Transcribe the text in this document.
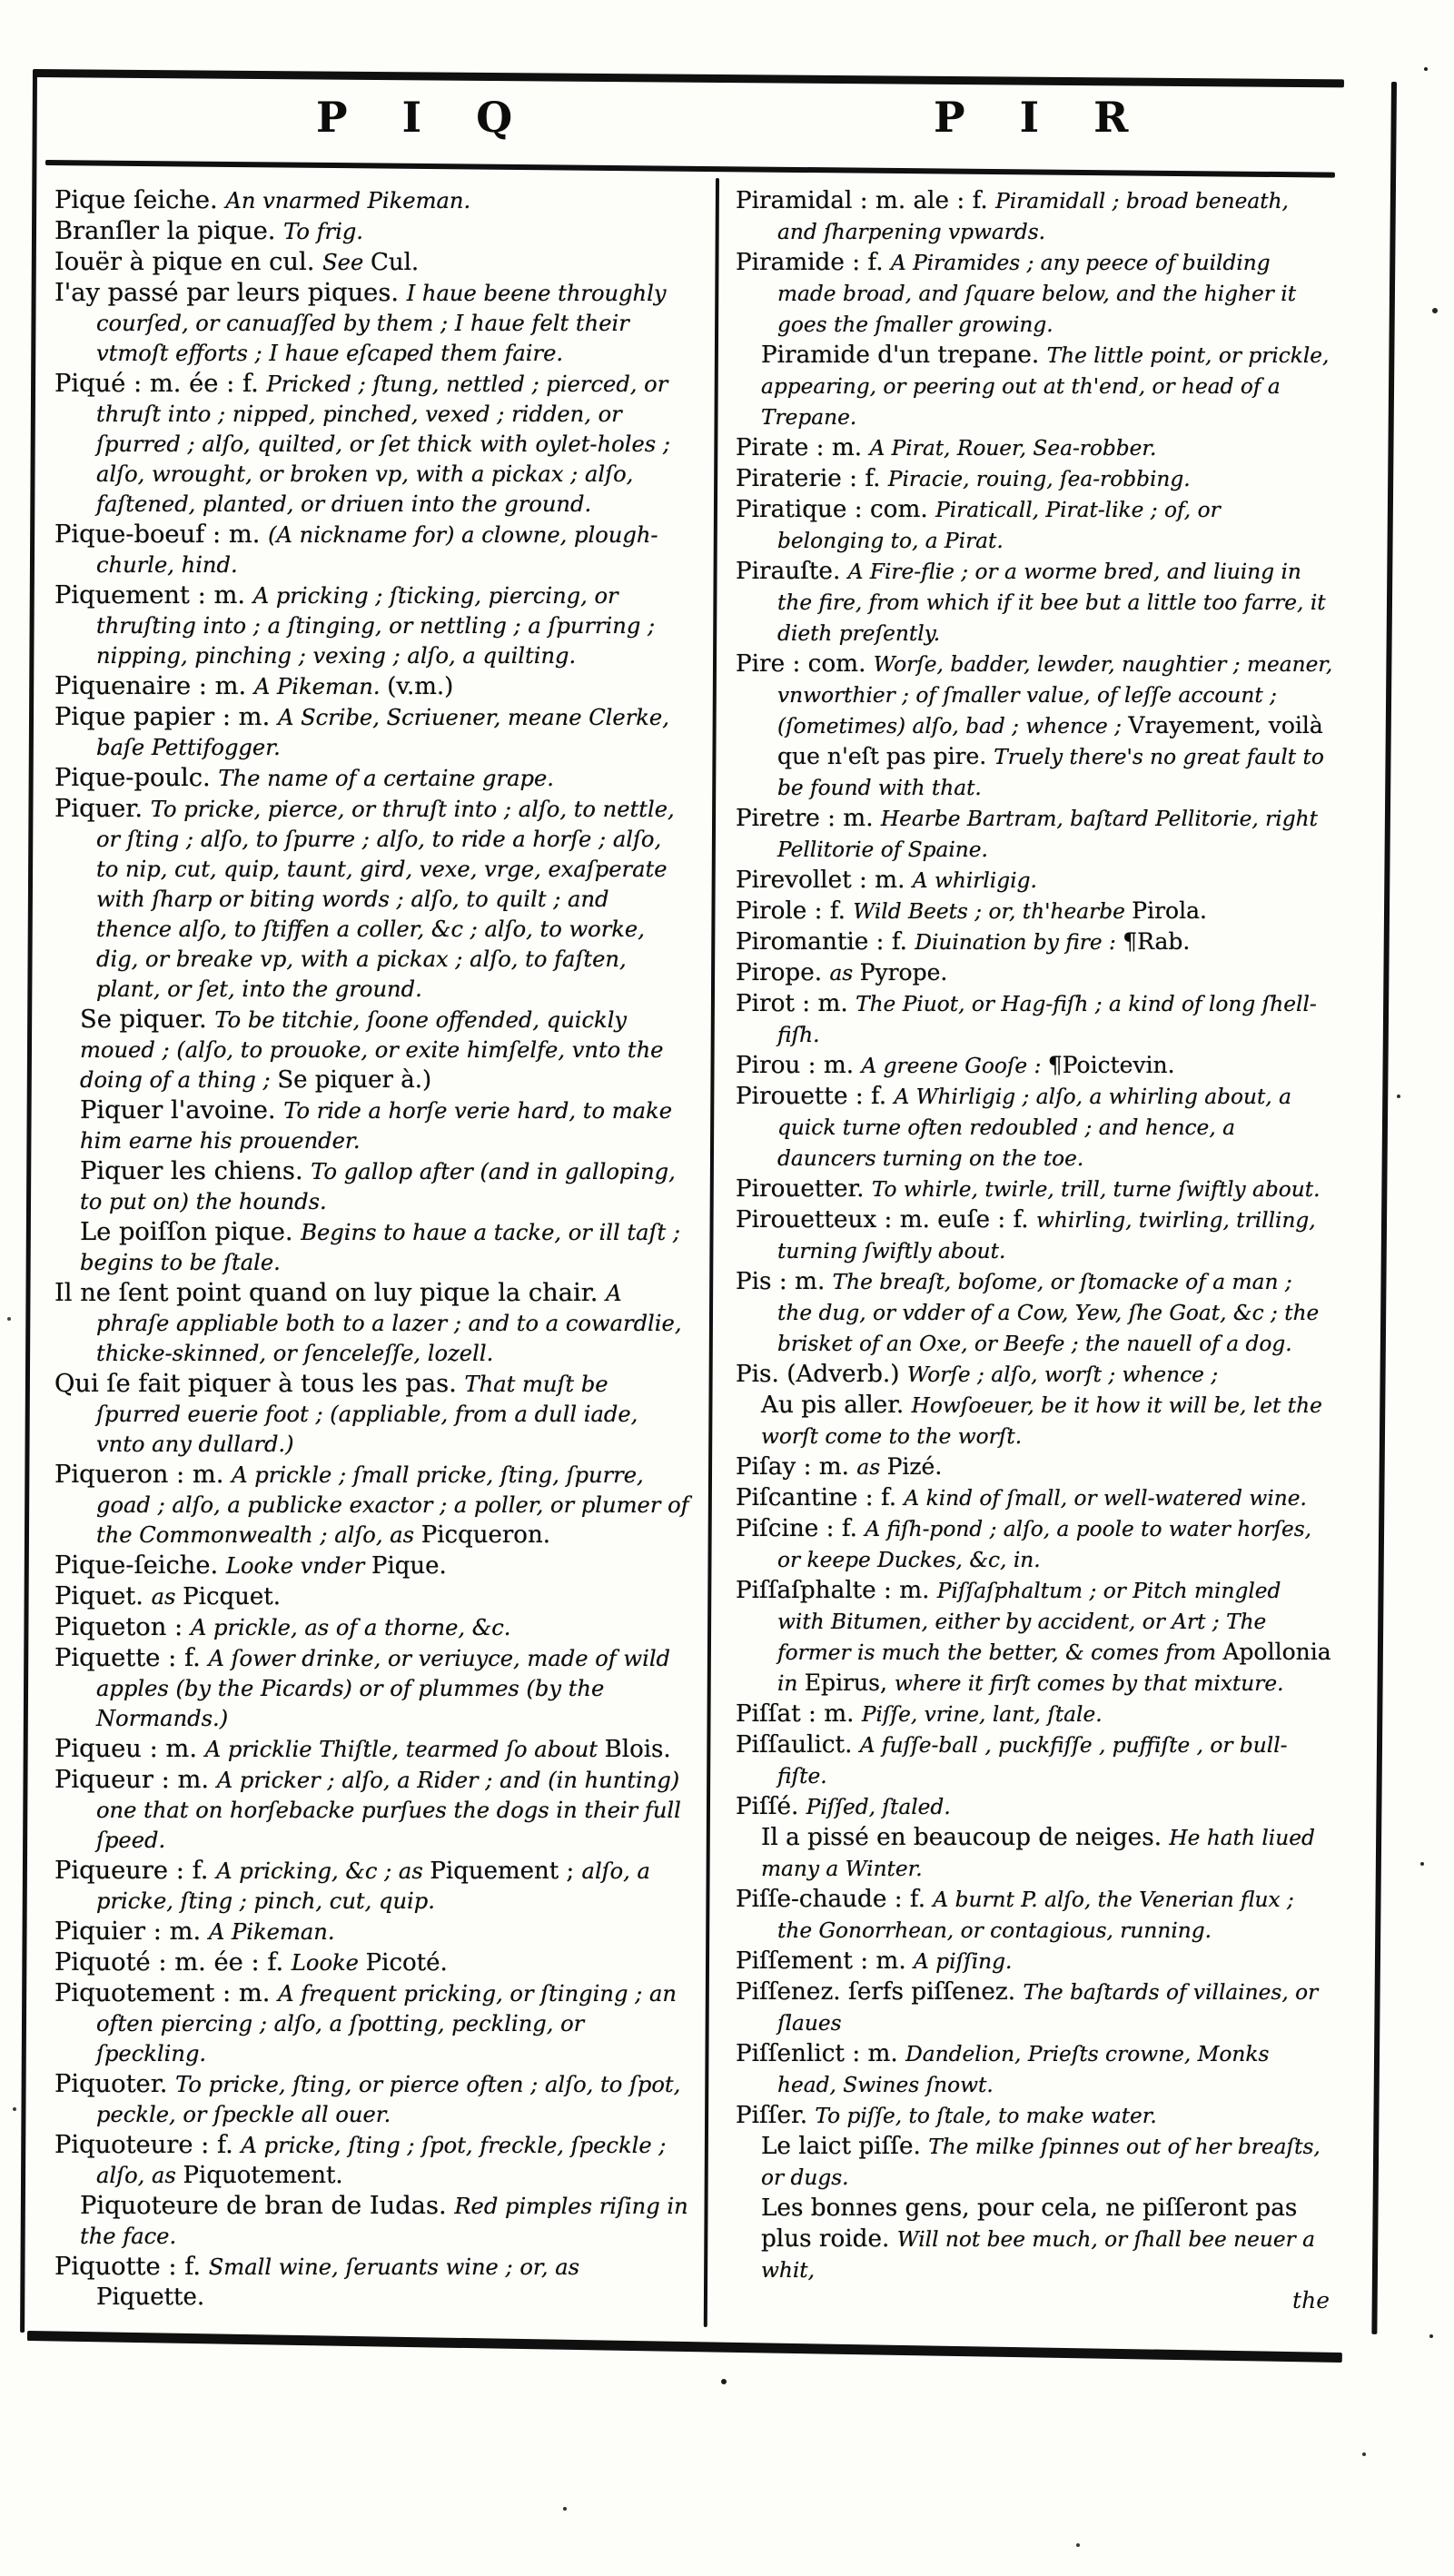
P I Q	P I R

Pique ſeiche. An vnarmed Pikeman.

Branſler la pique. To frig.

Iouër à pique en cul. See Cul.

I'ay passé par leurs piques. I haue beene throughly courſed, or canuaſſed by them ; I haue felt their vtmoſt efforts ; I haue eſcaped them faire.

Piqué : m. ée : f. Pricked ; ſtung, nettled ; pierced, or thruſt into ; nipped, pinched, vexed ; ridden, or ſpurred ; alſo, quilted, or ſet thick with oylet-holes ; alſo, wrought, or broken vp, with a pickax ; alſo, faſtened, planted, or driuen into the ground.

Pique-boeuf : m. (A nickname for) a clowne, plough-churle, hind.

Piquement : m. A pricking ; ſticking, piercing, or thruſting into ; a ſtinging, or nettling ; a ſpurring ; nipping, pinching ; vexing ; alſo, a quilting.

Piquenaire : m. A Pikeman. (v.m.)

Pique papier : m. A Scribe, Scriuener, meane Clerke, baſe Pettifogger.

Pique-poulc. The name of a certaine grape.

Piquer. To pricke, pierce, or thruſt into ; alſo, to nettle, or ſting ; alſo, to ſpurre ; alſo, to ride a horſe ; alſo, to nip, cut, quip, taunt, gird, vexe, vrge, exaſperate with ſharp or biting words ; alſo, to quilt ; and thence alſo, to ſtiffen a coller, &c ; alſo, to worke, dig, or breake vp, with a pickax ; alſo, to faſten, plant, or ſet, into the ground.

Se piquer. To be titchie, ſoone offended, quickly moued ; (alſo, to prouoke, or exite himſelfe, vnto the doing of a thing ; Se piquer à.)

Piquer l'avoine. To ride a horſe verie hard, to make him earne his prouender.

Piquer les chiens. To gallop after (and in galloping, to put on) the hounds.

Le poiſſon pique. Begins to haue a tacke, or ill taſt ; begins to be ſtale.

Il ne ſent point quand on luy pique la chair. A phraſe appliable both to a lazer ; and to a cowardlie, thicke-skinned, or ſenceleſſe, lozell.

Qui ſe fait piquer à tous les pas. That muſt be ſpurred euerie foot ; (appliable, from a dull iade, vnto any dullard.)

Piqueron : m. A prickle ; ſmall pricke, ſting, ſpurre, goad ; alſo, a publicke exactor ; a poller, or plumer of the Commonwealth ; alſo, as Picqueron.

Pique-ſeiche. Looke vnder Pique.

Piquet. as Picquet.

Piqueton : A prickle, as of a thorne, &c.

Piquette : f. A ſower drinke, or veriuyce, made of wild apples (by the Picards) or of plummes (by the Normands.)

Piqueu : m. A pricklie Thiſtle, tearmed ſo about Blois.

Piqueur : m. A pricker ; alſo, a Rider ; and (in hunting) one that on horſebacke purſues the dogs in their full ſpeed.

Piqueure : f. A pricking, &c ; as Piquement ; alſo, a pricke, ſting ; pinch, cut, quip.

Piquier : m. A Pikeman.

Piquoté : m. ée : f. Looke Picoté.

Piquotement : m. A frequent pricking, or ſtinging ; an often piercing ; alſo, a ſpotting, peckling, or ſpeckling.

Piquoter. To pricke, ſting, or pierce often ; alſo, to ſpot, peckle, or ſpeckle all ouer.

Piquoteure : f. A pricke, ſting ; ſpot, freckle, ſpeckle ; alſo, as Piquotement.

Piquoteure de bran de Iudas. Red pimples riſing in the face.

Piquotte : f. Small wine, ſeruants wine ; or, as Piquette.

Piramidal : m. ale : f. Piramidall ; broad beneath, and ſharpening vpwards.

Piramide : f. A Piramides ; any peece of building made broad, and ſquare below, and the higher it goes the ſmaller growing.

Piramide d'un trepane. The little point, or prickle, appearing, or peering out at th'end, or head of a Trepane.

Pirate : m. A Pirat, Rouer, Sea-robber.

Piraterie : f. Piracie, rouing, ſea-robbing.

Piratique : com. Piraticall, Pirat-like ; of, or belonging to, a Pirat.

Pirauſte. A Fire-flie ; or a worme bred, and liuing in the fire, from which if it bee but a little too farre, it dieth preſently.

Pire : com. Worſe, badder, lewder, naughtier ; meaner, vnworthier ; of ſmaller value, of leſſe account ; (ſometimes) alſo, bad ; whence ; Vrayement, voilà que n'eſt pas pire. Truely there's no great fault to be found with that.

Piretre : m. Hearbe Bartram, baſtard Pellitorie, right Pellitorie of Spaine.

Pirevollet : m. A whirligig.

Pirole : f. Wild Beets ; or, th'hearbe Pirola.

Piromantie : f. Diuination by fire : ¶Rab.

Pirope. as Pyrope.

Pirot : m. The Piuot, or Hag-fiſh ; a kind of long ſhell-fiſh.

Pirou : m. A greene Gooſe : ¶Poictevin.

Pirouette : f. A Whirligig ; alſo, a whirling about, a quick turne often redoubled ; and hence, a dauncers turning on the toe.

Pirouetter. To whirle, twirle, trill, turne ſwiftly about.

Pirouetteux : m. euſe : f. whirling, twirling, trilling, turning ſwiftly about.

Pis : m. The breaſt, boſome, or ſtomacke of a man ; the dug, or vdder of a Cow, Yew, ſhe Goat, &c ; the brisket of an Oxe, or Beefe ; the nauell of a dog.

Pis. (Adverb.) Worſe ; alſo, worſt ; whence ;

Au pis aller. Howſoeuer, be it how it will be, let the worſt come to the worſt.

Piſay : m. as Pizé.

Piſcantine : f. A kind of ſmall, or well-watered wine.

Piſcine : f. A fiſh-pond ; alſo, a poole to water horſes, or keepe Duckes, &c, in.

Piſſaſphalte : m. Piſſaſphaltum ; or Pitch mingled with Bitumen, either by accident, or Art ; The former is much the better, & comes from Apollonia in Epirus, where it firſt comes by that mixture.

Piſſat : m. Piſſe, vrine, lant, ſtale.

Piſſaulict. A fuſſe-ball , puckfiſſe , puffiſte , or bull-fiſte.

Piſſé. Piſſed, ſtaled.

Il a pissé en beaucoup de neiges. He hath liued many a Winter.

Piſſe-chaude : f. A burnt P. alſo, the Venerian flux ; the Gonorrhean, or contagious, running.

Piſſement : m. A piſſing.

Piſſenez. ſerfs piſſenez. The baſtards of villaines, or ſlaues

Piſſenlict : m. Dandelion, Prieſts crowne, Monks head, Swines ſnowt.

Piſſer. To piſſe, to ſtale, to make water.

Le laict piſſe. The milke ſpinnes out of her breaſts, or dugs.

Les bonnes gens, pour cela, ne piſſeront pas plus roide. Will not bee much, or ſhall bee neuer a whit,

the
